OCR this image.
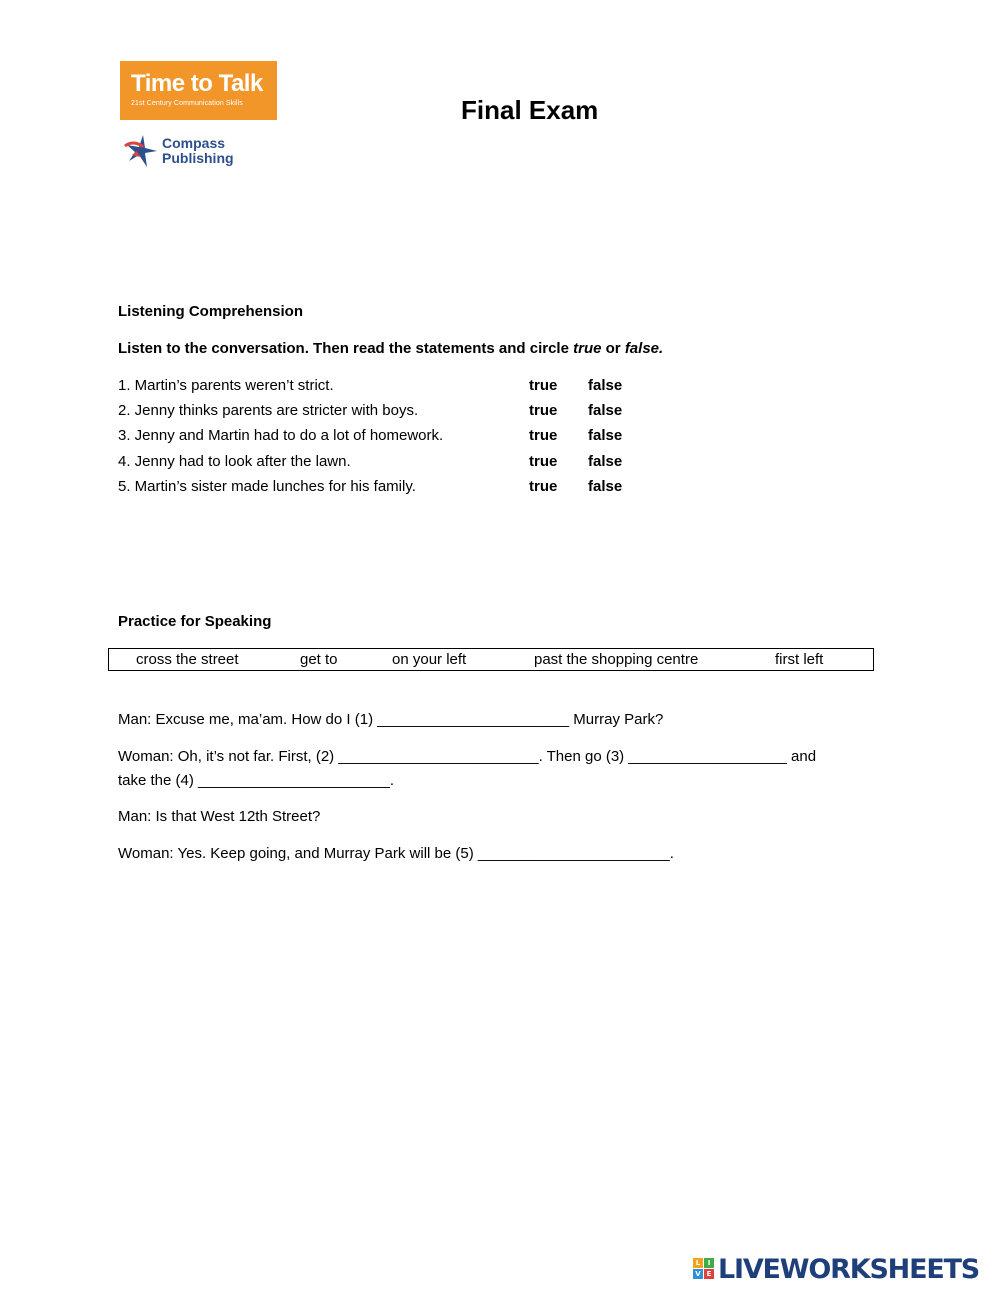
Time to Talk
21st Century Communication Skills
Compass
Publishing
Final Exam
Listening Comprehension
Listen to the conversation. Then read the statements and circle true or false.
1. Martin’s parents weren’t strict.	true false
2. Jenny thinks parents are stricter with boys.	true false
3. Jenny and Martin had to do a lot of homework.	true false
4. Jenny had to look after the lawn.	true false
5. Martin’s sister made lunches for his family.	true false
Practice for Speaking
cross the street	get to	on your left	past the shopping centre	first left
Man: Excuse me, ma’am. How do I (1) _______________________ Murray Park?
Woman: Oh, it’s not far. First, (2) ________________________. Then go (3) ___________________ and
take the (4) _______________________.
Man: Is that West 12th Street?
Woman: Yes. Keep going, and Murray Park will be (5) _______________________.
L	I
V E LIVEWORKSHEETS
